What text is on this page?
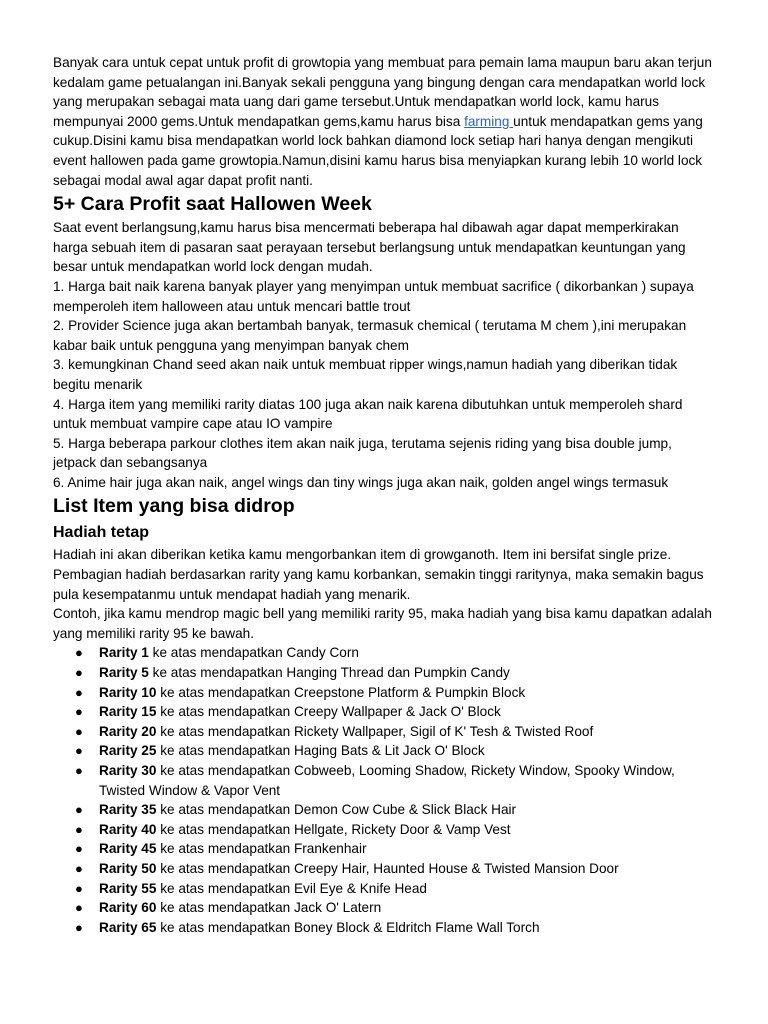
Banyak cara untuk cepat untuk profit di growtopia yang membuat para pemain lama maupun baru akan terjun kedalam game petualangan ini.Banyak sekali pengguna yang bingung dengan cara mendapatkan world lock yang merupakan sebagai mata uang dari game tersebut.Untuk mendapatkan world lock, kamu harus mempunyai 2000 gems.Untuk mendapatkan gems,kamu harus bisa farming untuk mendapatkan gems yang cukup.Disini kamu bisa mendapatkan world lock bahkan diamond lock setiap hari hanya dengan mengikuti event hallowen pada game growtopia.Namun,disini kamu harus bisa menyiapkan kurang lebih 10 world lock sebagai modal awal agar dapat profit nanti.

5+ Cara Profit saat Hallowen Week

Saat event berlangsung,kamu harus bisa mencermati beberapa hal dibawah agar dapat memperkirakan harga sebuah item di pasaran saat perayaan tersebut berlangsung untuk mendapatkan keuntungan yang besar untuk mendapatkan world lock dengan mudah.

1. Harga bait naik karena banyak player yang menyimpan untuk membuat sacrifice ( dikorbankan ) supaya memperoleh item halloween atau untuk mencari battle trout

2. Provider Science juga akan bertambah banyak, termasuk chemical ( terutama M chem ),ini merupakan kabar baik untuk pengguna yang menyimpan banyak chem

3. kemungkinan Chand seed akan naik untuk membuat ripper wings,namun hadiah yang diberikan tidak begitu menarik

4. Harga item yang memiliki rarity diatas 100 juga akan naik karena dibutuhkan untuk memperoleh shard untuk membuat vampire cape atau IO vampire

5. Harga beberapa parkour clothes item akan naik juga, terutama sejenis riding yang bisa double jump, jetpack dan sebangsanya

6. Anime hair juga akan naik, angel wings dan tiny wings juga akan naik, golden angel wings termasuk

List Item yang bisa didrop
Hadiah tetap

Hadiah ini akan diberikan ketika kamu mengorbankan item di growganoth. Item ini bersifat single prize. Pembagian hadiah berdasarkan rarity yang kamu korbankan, semakin tinggi raritynya, maka semakin bagus pula kesempatanmu untuk mendapat hadiah yang menarik.

Contoh, jika kamu mendrop magic bell yang memiliki rarity 95, maka hadiah yang bisa kamu dapatkan adalah yang memiliki rarity 95 ke bawah.

● Rarity 1 ke atas mendapatkan Candy Corn
● Rarity 5 ke atas mendapatkan Hanging Thread dan Pumpkin Candy
● Rarity 10 ke atas mendapatkan Creepstone Platform & Pumpkin Block
● Rarity 15 ke atas mendapatkan Creepy Wallpaper & Jack O' Block
● Rarity 20 ke atas mendapatkan Rickety Wallpaper, Sigil of K' Tesh & Twisted Roof
● Rarity 25 ke atas mendapatkan Haging Bats & Lit Jack O' Block
● Rarity 30 ke atas mendapatkan Cobweeb, Looming Shadow, Rickety Window, Spooky Window, Twisted Window & Vapor Vent
● Rarity 35 ke atas mendapatkan Demon Cow Cube & Slick Black Hair
● Rarity 40 ke atas mendapatkan Hellgate, Rickety Door & Vamp Vest
● Rarity 45 ke atas mendapatkan Frankenhair
● Rarity 50 ke atas mendapatkan Creepy Hair, Haunted House & Twisted Mansion Door
● Rarity 55 ke atas mendapatkan Evil Eye & Knife Head
● Rarity 60 ke atas mendapatkan Jack O' Latern
● Rarity 65 ke atas mendapatkan Boney Block & Eldritch Flame Wall Torch
